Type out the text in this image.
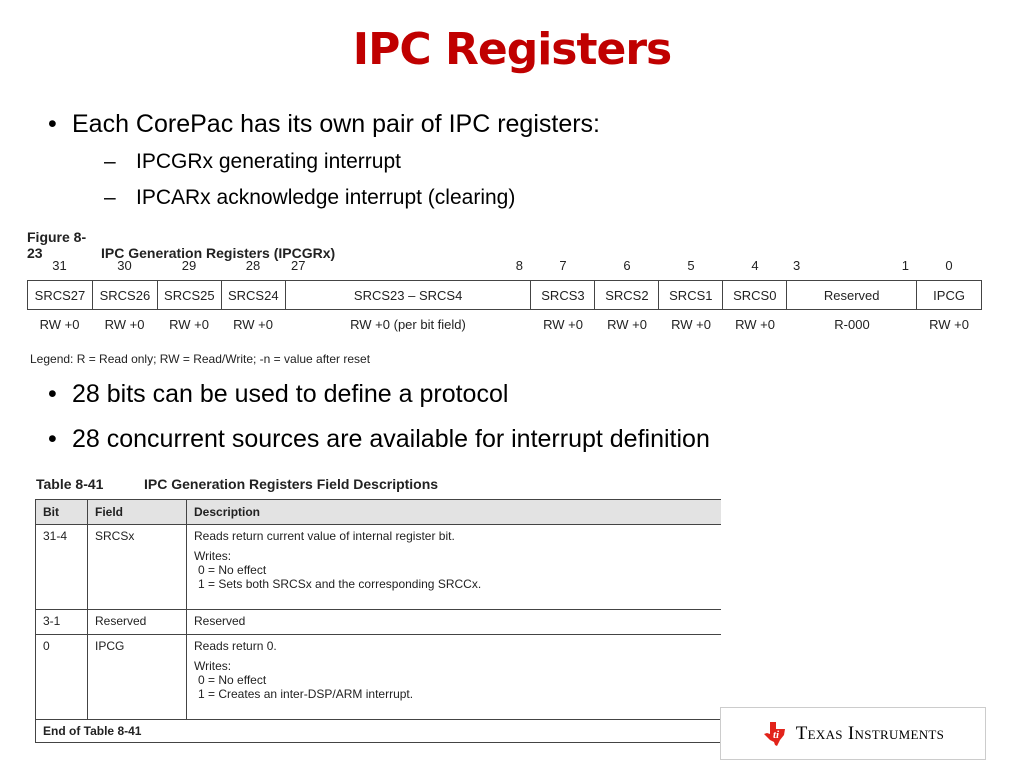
IPC Registers
• Each CorePac has its own pair of IPC registers:
– IPCGRx generating interrupt
– IPCARx acknowledge interrupt (clearing)
Figure 8-23	IPC Generation Registers (IPCGRx)
31	30	29	28	27	8	7	6	5	4	3	1	0
SRCS27	SRCS26	SRCS25	SRCS24	SRCS23 – SRCS4	SRCS3	SRCS2	SRCS1	SRCS0	Reserved	IPCG
RW +0	RW +0	RW +0	RW +0	RW +0 (per bit field)	RW +0	RW +0	RW +0	RW +0	R-000	RW +0
Legend: R = Read only; RW = Read/Write; -n = value after reset
• 28 bits can be used to define a protocol
• 28 concurrent sources are available for interrupt definition
Table 8-41	IPC Generation Registers Field Descriptions
Bit	Field	Description
31-4	SRCSx	Reads return current value of internal register bit.
Writes:
0 = No effect
1 = Sets both SRCSx and the corresponding SRCCx.

3-1	Reserved	Reserved
0	IPCG	Reads return 0.
Writes:
0 = No effect
1 = Creates an inter-DSP/ARM interrupt.

End of Table 8-41			ti Texas Instruments
